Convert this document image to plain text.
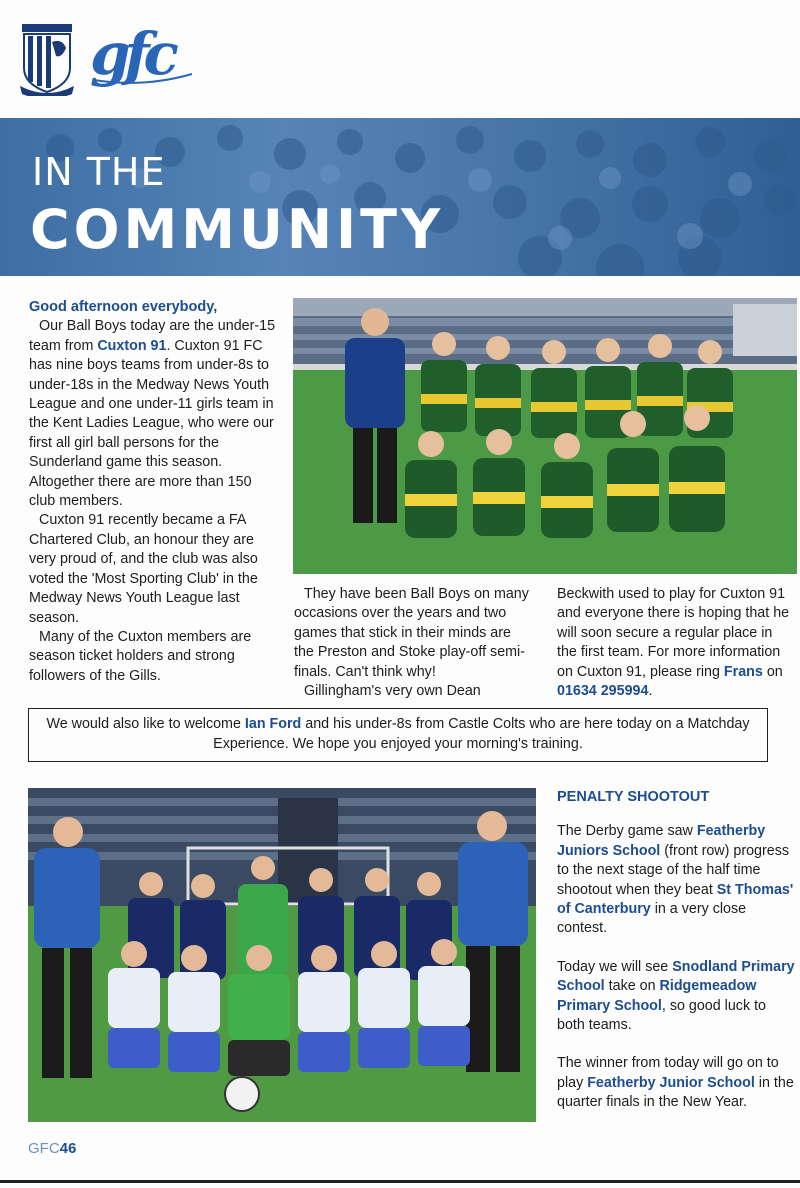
gfc
IN THE
COMMUNITY

Good afternoon everybody,

Our Ball Boys today are the under-15 team from Cuxton 91. Cuxton 91 FC has nine boys teams from under-8s to under-18s in the Medway News Youth League and one under-11 girls team in the Kent Ladies League, who were our first all girl ball persons for the Sunderland game this season. Altogether there are more than 150 club members.

Cuxton 91 recently became a FA Chartered Club, an honour they are very proud of, and the club was also voted the 'Most Sporting Club' in the Medway News Youth League last season.

Many of the Cuxton members are season ticket holders and strong followers of the Gills.

They have been Ball Boys on many occasions over the years and two games that stick in their minds are the Preston and Stoke play-off semi-finals. Can't think why!

Gillingham's very own Dean

Beckwith used to play for Cuxton 91 and everyone there is hoping that he will soon secure a regular place in the first team. For more information on Cuxton 91, please ring Frans on 01634 295994.

We would also like to welcome Ian Ford and his under-8s from Castle Colts who are here today on a Matchday Experience. We hope you enjoyed your morning's training.

PENALTY SHOOTOUT

The Derby game saw Featherby Juniors School (front row) progress to the next stage of the half time shootout when they beat St Thomas' of Canterbury in a very close contest.

Today we will see Snodland Primary School take on Ridgemeadow Primary School, so good luck to both teams.

The winner from today will go on to play Featherby Junior School in the quarter finals in the New Year.

GFC46
